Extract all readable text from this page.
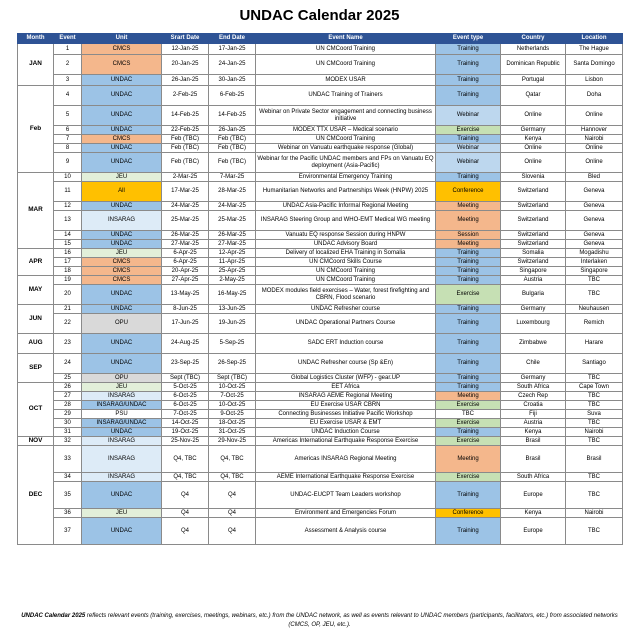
UNDAC Calendar 2025
Month	Event	Unit	Srart Date	End Date	Event Name	Event type	Country	Location
JAN	1	CMCS	12-Jan-25	17-Jan-25	UN CMCoord Training	Training	Netherlands	The Hague
	2	CMCS	20-Jan-25	24-Jan-25	UN CMCoord Training	Training	Dominican Republic	Santa Domingo
	3	UNDAC	26-Jan-25	30-Jan-25	MODEX USAR	Training	Portugal	Lisbon
Feb	4	UNDAC	2-Feb-25	6-Feb-25	UNDAC Training of Trainers	Training	Qatar	Doha
	5	UNDAC	14-Feb-25	14-Feb-25	Webinar on Private Sector engagement and connecting business initiative	Webinar	Online	Online
	6	UNDAC	22-Feb-25	26-Jan-25	MODEX TTX USAR – Medical scenario	Exercise	Germany	Hannover
	7	CMCS	Feb (TBC)	Feb (TBC)	UN CMCoord Training	Training	Kenya	Nairobi
	8	UNDAC	Feb (TBC)	Feb (TBC)	Webinar on Vanuatu earthquake response (Global)	Webinar	Online	Online
	9	UNDAC	Feb (TBC)	Feb (TBC)	Webinar for the Pacific UNDAC members and FPs on Vanuatu EQ deployment (Asia-Pacific)	Webinar	Online	Online
MAR	10	JEU	2-Mar-25	7-Mar-25	Environmental Emergency Training	Training	Slovenia	Bled
	11	All	17-Mar-25	28-Mar-25	Humanitarian Networks and Partnerships Week (HNPW) 2025	Conference	Switzerland	Geneva
	12	UNDAC	24-Mar-25	24-Mar-25	UNDAC Asia-Pacific Informal Regional Meeting	Meeting	Switzerland	Geneva
	13	INSARAG	25-Mar-25	25-Mar-25	INSARAG Steering Group and WHO-EMT Medical WG meeting	Meeting	Switzerland	Geneva
	14	UNDAC	26-Mar-25	26-Mar-25	Vanuatu EQ response Session during HNPW	Session	Switzerland	Geneva
	15	UNDAC	27-Mar-25	27-Mar-25	UNDAC Advisory Board	Meeting	Switzerland	Geneva
APR	16	JEU	6-Apr-25	12-Apr-25	Delivery of localized EHA Training in Somalia	Training	Somalia	Mogadishu
	17	CMCS	6-Apr-25	11-Apr-25	UN CMCoord Skills Course	Training	Switzerland	Interlaken
	18	CMCS	20-Apr-25	25-Apr-25	UN CMCoord Training	Training	Singapore	Singapore
MAY	19	CMCS	27-Apr-25	2-May-25	UN CMCoord Training	Training	Austria	TBC
	20	UNDAC	13-May-25	16-May-25	MODEX modules field exercises – Water, forest firefighting and CBRN, Flood scenario	Exercise	Bulgaria	TBC
JUN	21	UNDAC	8-Jun-25	13-Jun-25	UNDAC Refresher course	Training	Germany	Neuhausen
	22	OPU	17-Jun-25	19-Jun-25	UNDAC Operational Partners Course	Training	Luxembourg	Remich
AUG	23	UNDAC	24-Aug-25	5-Sep-25	SADC ERT Induction course	Training	Zimbabwe	Harare
SEP	24	UNDAC	23-Sep-25	26-Sep-25	UNDAC Refresher course (Sp &En)	Training	Chile	Santiago
	25	OPU	Sept (TBC)	Sept (TBC)	Global Logistics Cluster (WFP) - gear.UP	Training	Germany	TBC
OCT	26	JEU	5-Oct-25	10-Oct-25	EET Africa	Training	South Africa	Cape Town
	27	INSARAG	6-Oct-25	7-Oct-25	INSARAG AEME Regional Meeting	Meeting	Czech Rep	TBC
	28	INSARAG/UNDAC	6-Oct-25	10-Oct-25	EU Exercise USAR CBRN	Exercise	Croatia	TBC
	29	PSU	7-Oct-25	9-Oct-25	Connecting Businesses Initiative Pacific Workshop	TBC	Fiji	Suva
	30	INSARAG/UNDAC	14-Oct-25	18-Oct-25	EU Exercise USAR & EMT	Exercise	Austria	TBC
	31	UNDAC	19-Oct-25	31-Oct-25	UNDAC Induction Course	Training	Kenya	Nairobi
NOV	32	INSARAG	25-Nov-25	29-Nov-25	Americas International Earthquake Response Exercise	Exercise	Brasil	TBC
DEC	33	INSARAG	Q4, TBC	Q4, TBC	Americas INSARAG Regional Meeting	Meeting	Brasil	Brasil
	34	INSARAG	Q4, TBC	Q4, TBC	AEME International Earthquake Response Exercise	Exercise	South Africa	TBC
	35	UNDAC	Q4	Q4	UNDAC-EUCPT Team Leaders workshop	Training	Europe	TBC
	36	JEU	Q4	Q4	Environment and Emergencies Forum	Conference	Kenya	Nairobi
	37	UNDAC	Q4	Q4	Assessment & Analysis course	Training	Europe	TBC
UNDAC Calendar 2025 reflects relevant events (training, exercises, meetings, webinars, etc.) from the UNDAC network, as well as events relevant to UNDAC members (participants, facilitators, etc.) from associated networks (CMCS, OP, JEU, etc.).
